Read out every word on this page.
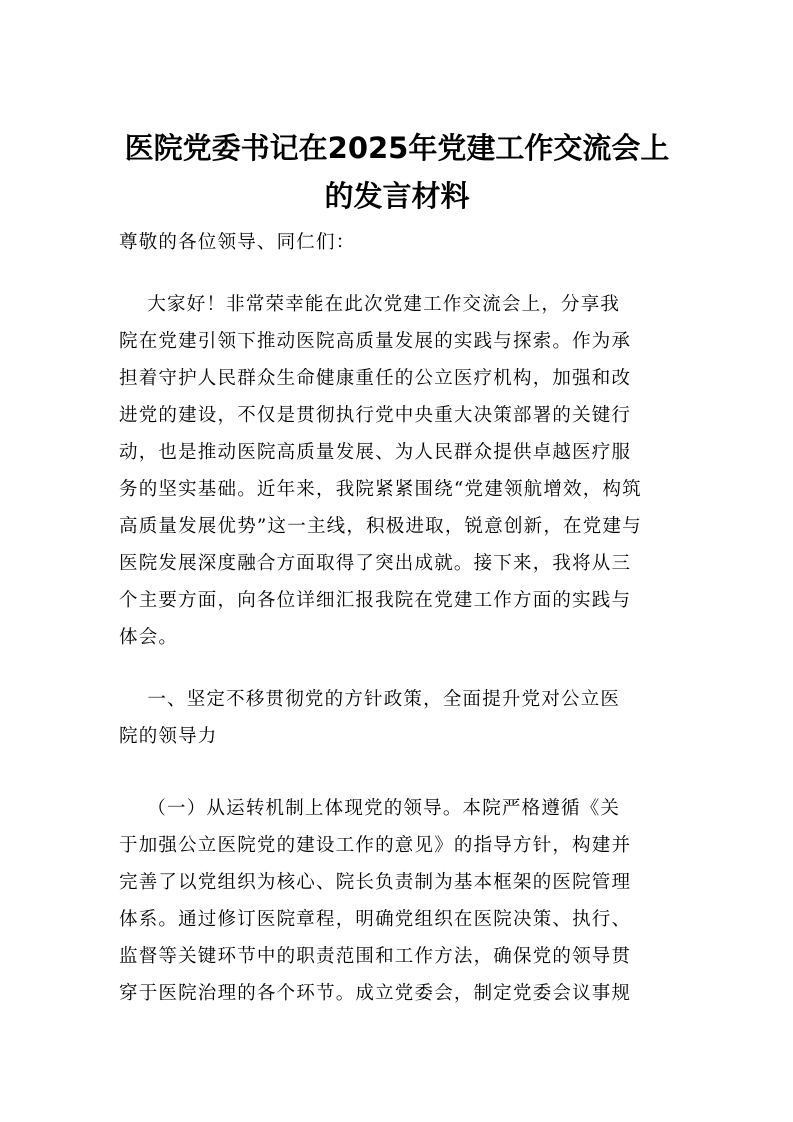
医院党委书记在2025年党建工作交流会上
的发言材料

尊敬的各位领导、同仁们：

大家好！非常荣幸能在此次党建工作交流会上，分享我

院在党建引领下推动医院高质量发展的实践与探索。作为承

担着守护人民群众生命健康重任的公立医疗机构，加强和改

进党的建设，不仅是贯彻执行党中央重大决策部署的关键行

动，也是推动医院高质量发展、为人民群众提供卓越医疗服

务的坚实基础。近年来，我院紧紧围绕“党建领航增效，构筑

高质量发展优势”这一主线，积极进取，锐意创新，在党建与

医院发展深度融合方面取得了突出成就。接下来，我将从三

个主要方面，向各位详细汇报我院在党建工作方面的实践与

体会。

一、坚定不移贯彻党的方针政策，全面提升党对公立医

院的领导力

（一）从运转机制上体现党的领导。本院严格遵循《关

于加强公立医院党的建设工作的意见》的指导方针，构建并

完善了以党组织为核心、院长负责制为基本框架的医院管理

体系。通过修订医院章程，明确党组织在医院决策、执行、

监督等关键环节中的职责范围和工作方法，确保党的领导贯

穿于医院治理的各个环节。成立党委会，制定党委会议事规
